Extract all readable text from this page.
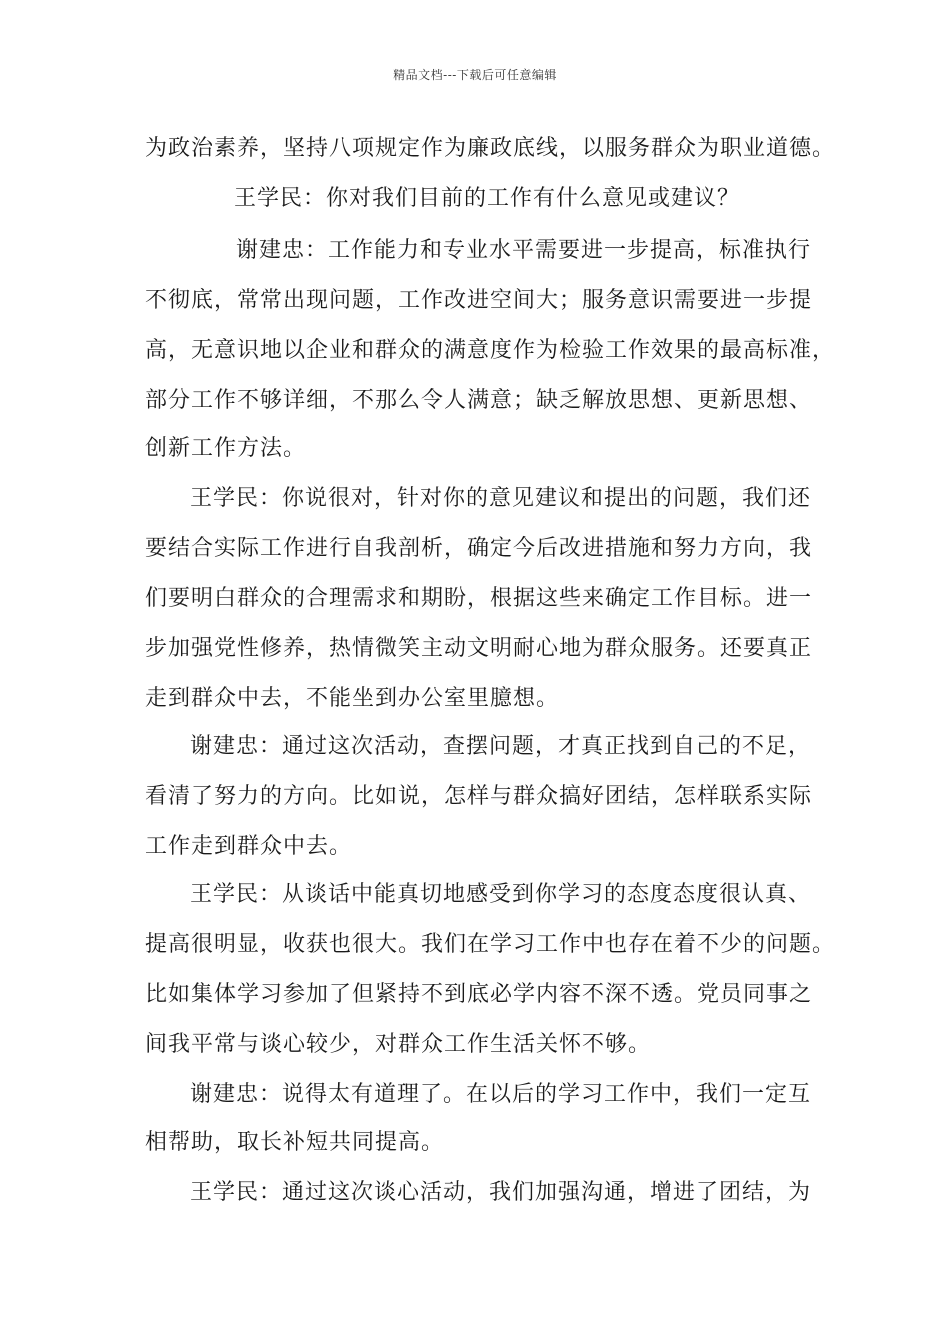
精品文档---下载后可任意编辑
为政治素养，坚持八项规定作为廉政底线，以服务群众为职业道德。
王学民：你对我们目前的工作有什么意见或建议？
谢建忠：工作能力和专业水平需要进一步提高，标准执行
不彻底，常常出现问题，工作改进空间大；服务意识需要进一步提
高，无意识地以企业和群众的满意度作为检验工作效果的最高标准，
部分工作不够详细，不那么令人满意；缺乏解放思想、更新思想、
创新工作方法。
王学民：你说很对，针对你的意见建议和提出的问题，我们还
要结合实际工作进行自我剖析，确定今后改进措施和努力方向，我
们要明白群众的合理需求和期盼，根据这些来确定工作目标。进一
步加强党性修养，热情微笑主动文明耐心地为群众服务。还要真正
走到群众中去，不能坐到办公室里臆想。
谢建忠：通过这次活动，查摆问题，才真正找到自己的不足，
看清了努力的方向。比如说，怎样与群众搞好团结，怎样联系实际
工作走到群众中去。
王学民：从谈话中能真切地感受到你学习的态度态度很认真、
提高很明显，收获也很大。我们在学习工作中也存在着不少的问题。
比如集体学习参加了但紧持不到底必学内容不深不透。党员同事之
间我平常与谈心较少，对群众工作生活关怀不够。
谢建忠：说得太有道理了。在以后的学习工作中，我们一定互
相帮助，取长补短共同提高。
王学民：通过这次谈心活动，我们加强沟通，增进了团结，为
